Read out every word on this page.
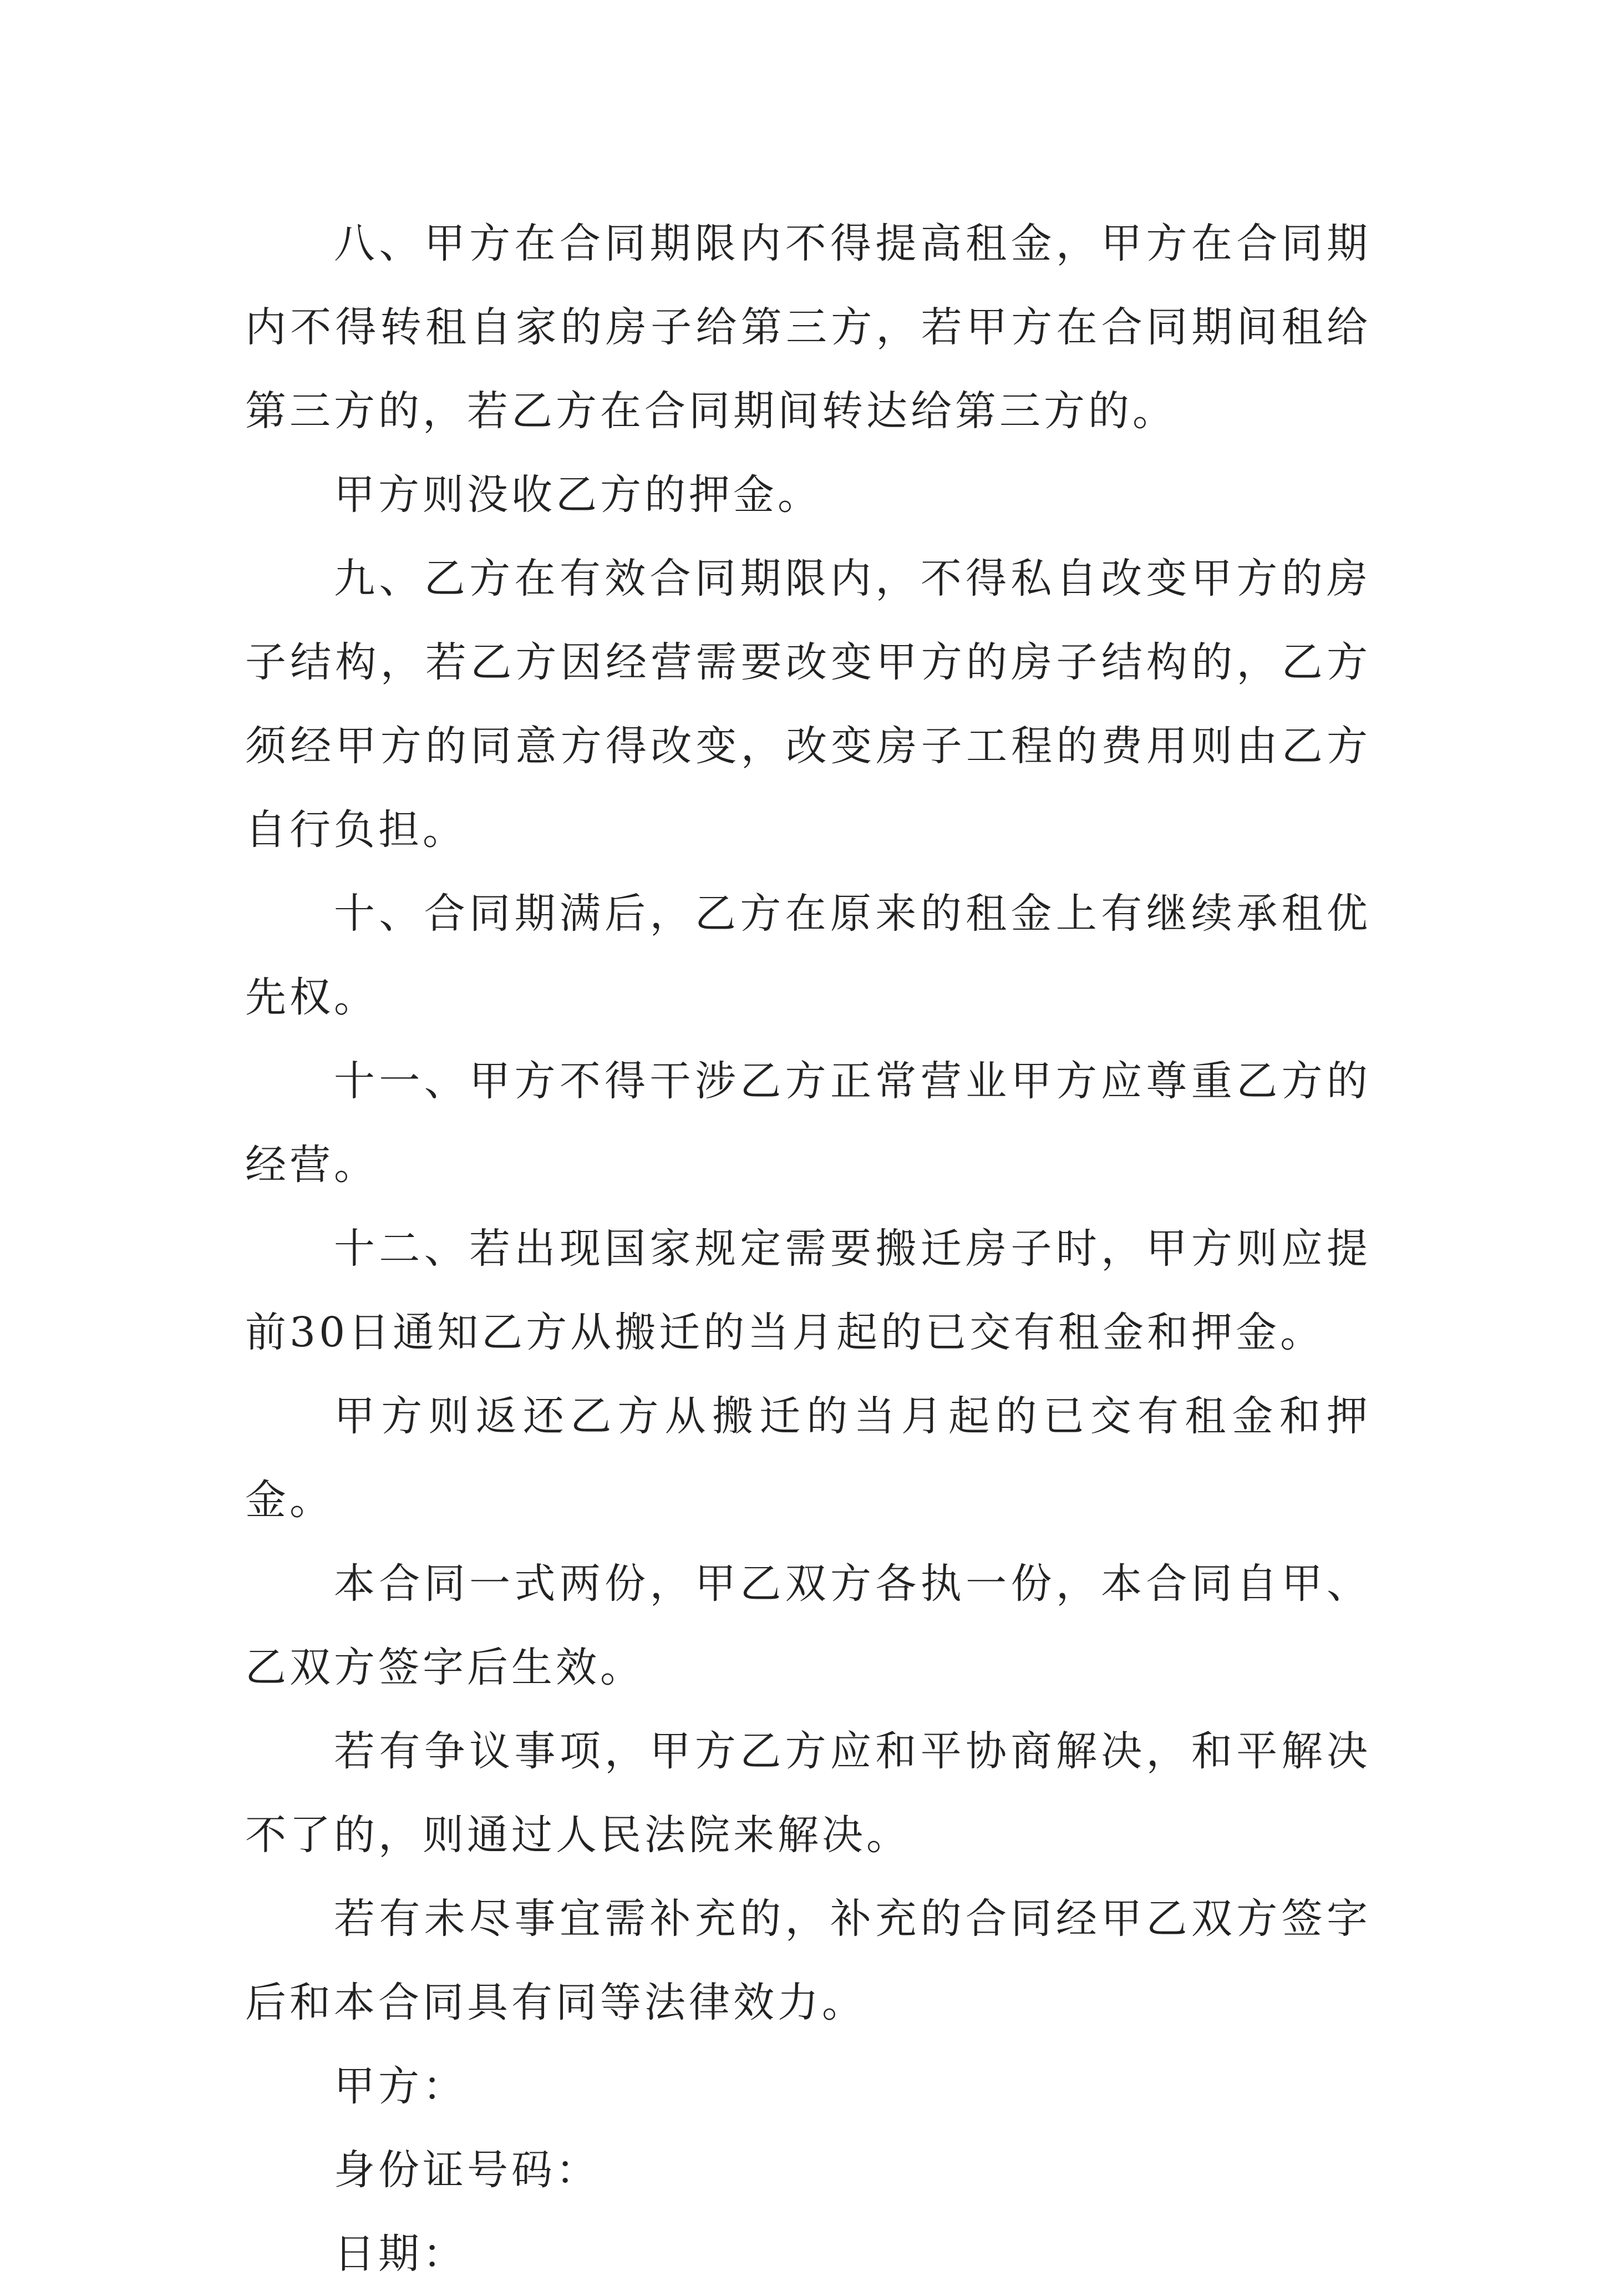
八、甲方在合同期限内不得提高租金，甲方在合同期内不得转租自家的房子给第三方，若甲方在合同期间租给第三方的，若乙方在合同期间转达给第三方的。

甲方则没收乙方的押金。

九、乙方在有效合同期限内，不得私自改变甲方的房子结构，若乙方因经营需要改变甲方的房子结构的，乙方须经甲方的同意方得改变，改变房子工程的费用则由乙方自行负担。

十、合同期满后，乙方在原来的租金上有继续承租优先权。

十一、甲方不得干涉乙方正常营业甲方应尊重乙方的经营。

十二、若出现国家规定需要搬迁房子时，甲方则应提前30日通知乙方从搬迁的当月起的已交有租金和押金。

甲方则返还乙方从搬迁的当月起的已交有租金和押金。

本合同一式两份，甲乙双方各执一份，本合同自甲、乙双方签字后生效。

若有争议事项，甲方乙方应和平协商解决，和平解决不了的，则通过人民法院来解决。

若有未尽事宜需补充的，补充的合同经甲乙双方签字后和本合同具有同等法律效力。

甲方：

身份证号码：

日期：
